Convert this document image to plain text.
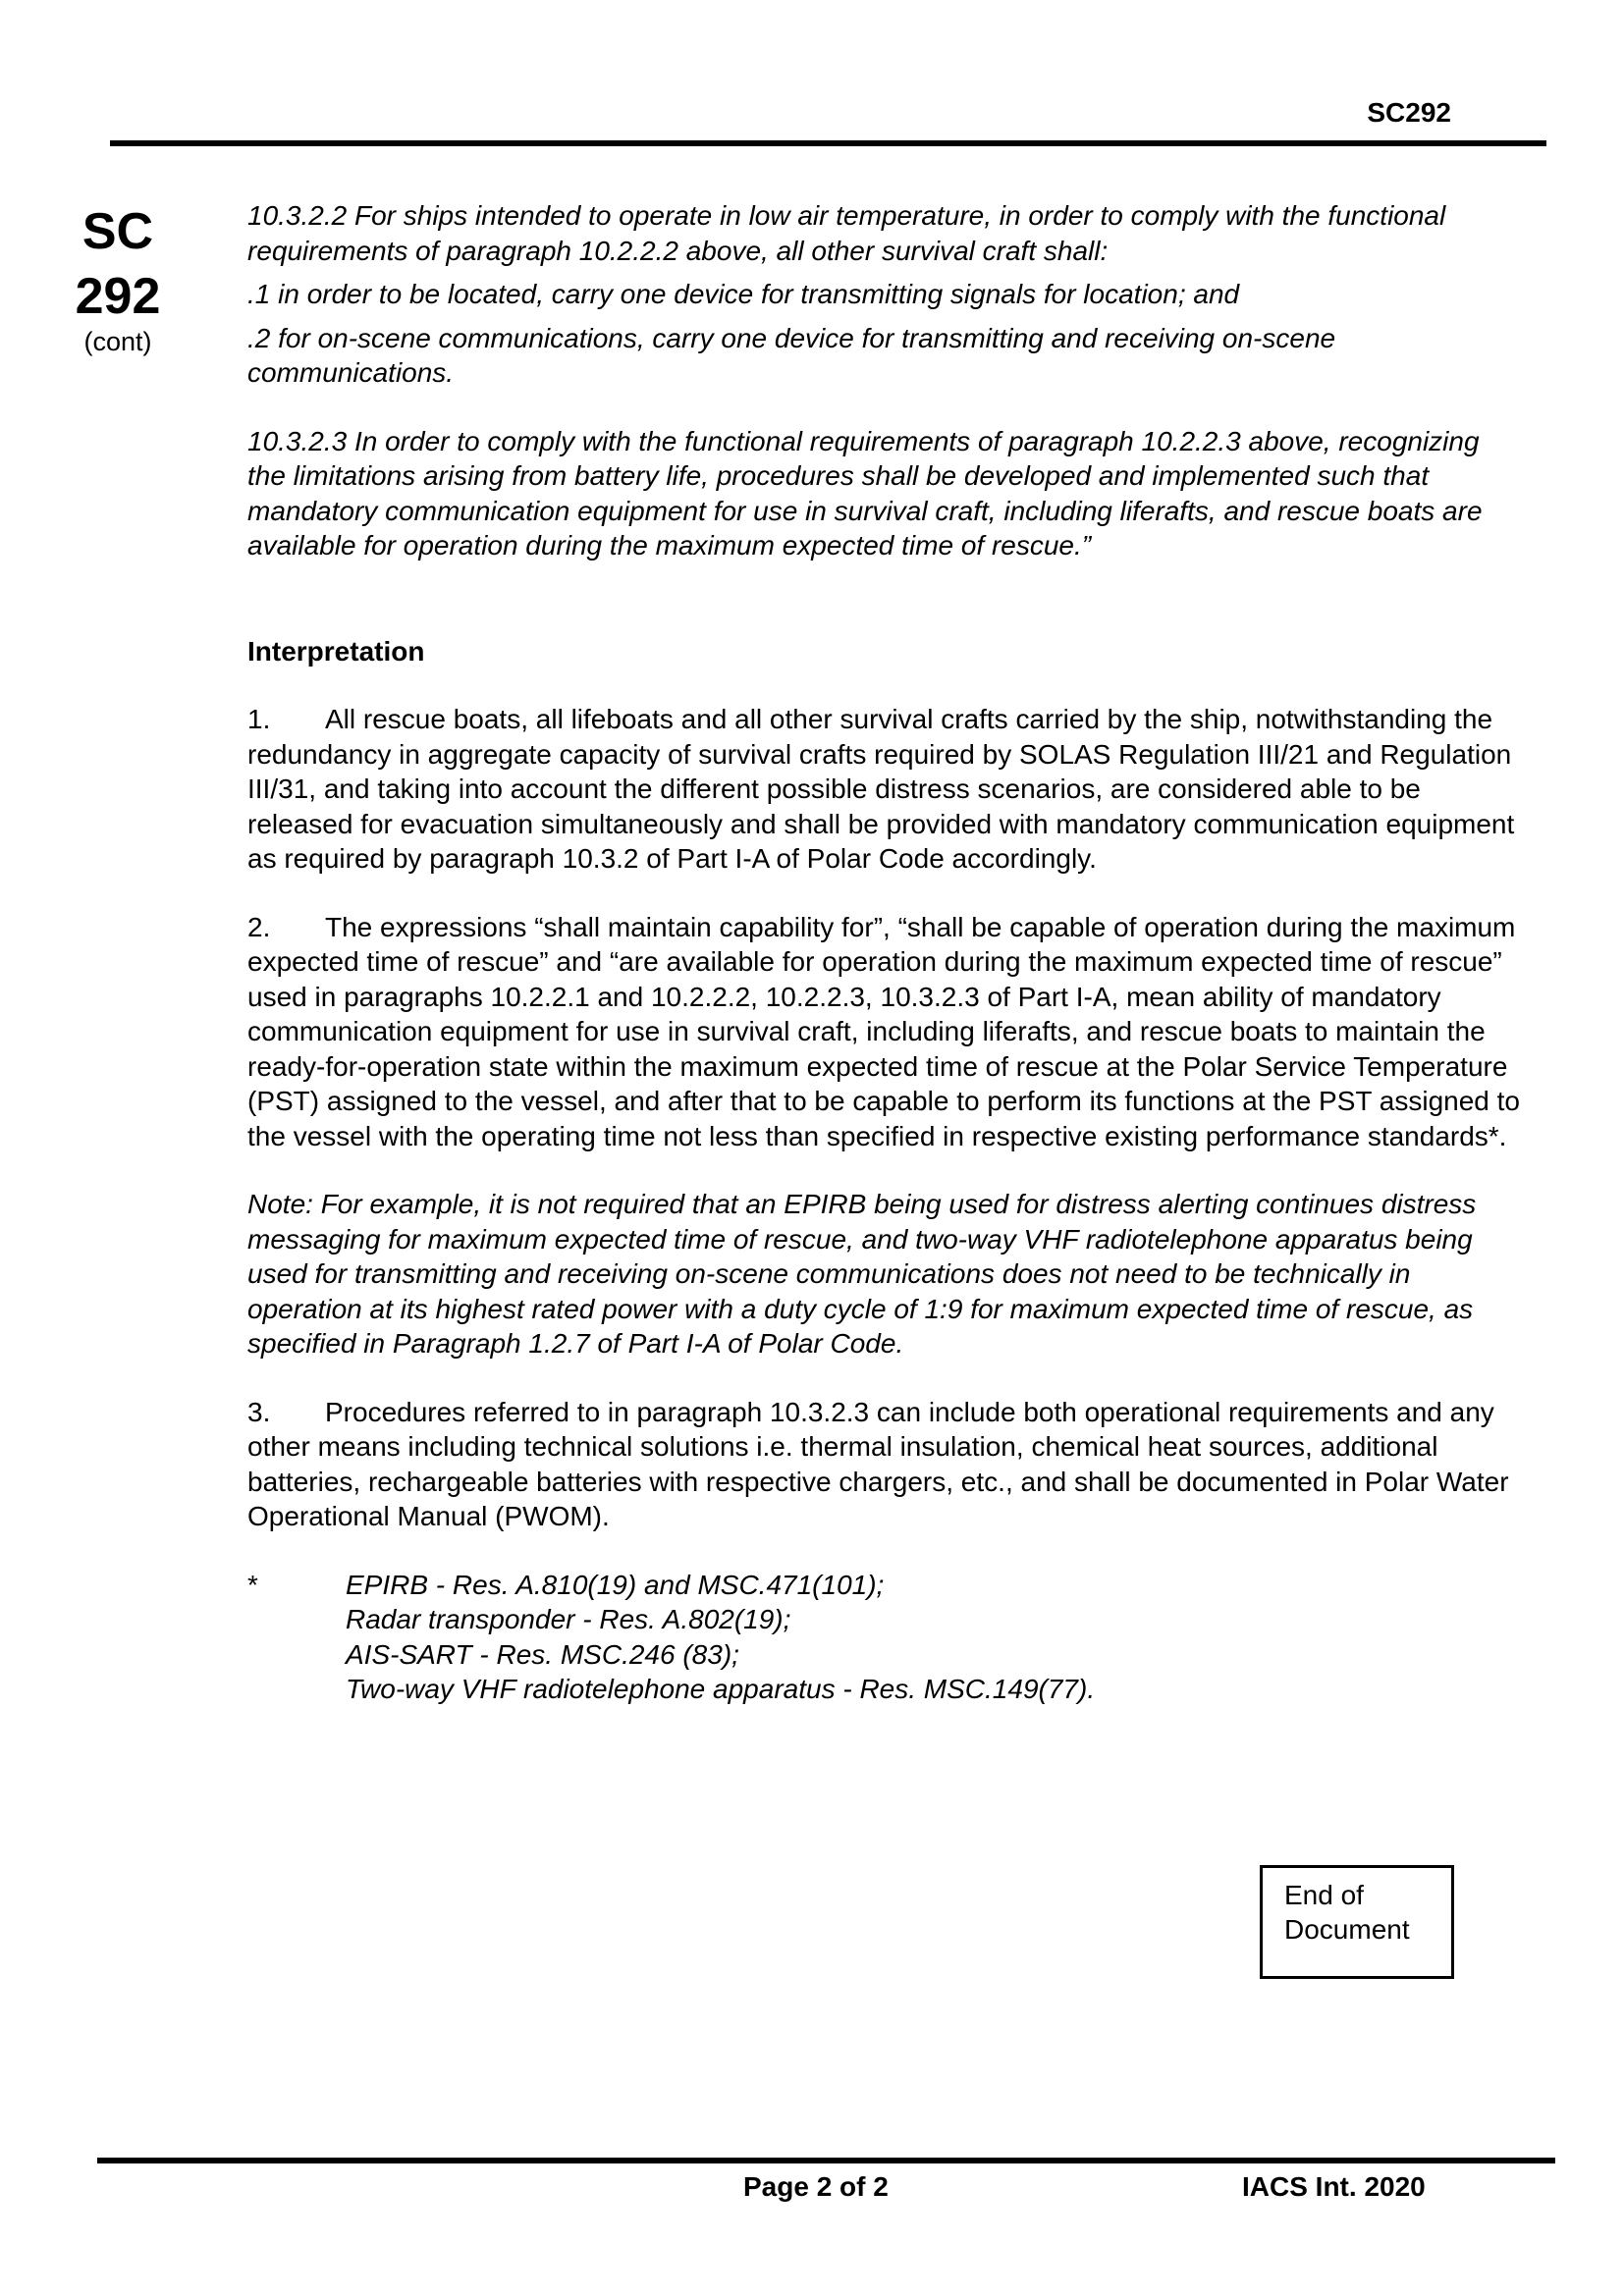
SC292
SC
292
(cont)

10.3.2.2 For ships intended to operate in low air temperature, in order to comply with the functional requirements of paragraph 10.2.2.2 above, all other survival craft shall:

.1 in order to be located, carry one device for transmitting signals for location; and

.2 for on-scene communications, carry one device for transmitting and receiving on-scene communications.

10.3.2.3 In order to comply with the functional requirements of paragraph 10.2.2.3 above, recognizing the limitations arising from battery life, procedures shall be developed and implemented such that mandatory communication equipment for use in survival craft, including liferafts, and rescue boats are available for operation during the maximum expected time of rescue.”

Interpretation

1. All rescue boats, all lifeboats and all other survival crafts carried by the ship, notwithstanding the redundancy in aggregate capacity of survival crafts required by SOLAS Regulation III/21 and Regulation III/31, and taking into account the different possible distress scenarios, are considered able to be released for evacuation simultaneously and shall be provided with mandatory communication equipment as required by paragraph 10.3.2 of Part I-A of Polar Code accordingly.

2. The expressions “shall maintain capability for”, “shall be capable of operation during the maximum expected time of rescue” and “are available for operation during the maximum expected time of rescue” used in paragraphs 10.2.2.1 and 10.2.2.2, 10.2.2.3, 10.3.2.3 of Part I-A, mean ability of mandatory communication equipment for use in survival craft, including liferafts, and rescue boats to maintain the ready-for-operation state within the maximum expected time of rescue at the Polar Service Temperature (PST) assigned to the vessel, and after that to be capable to perform its functions at the PST assigned to the vessel with the operating time not less than specified in respective existing performance standards*.

Note: For example, it is not required that an EPIRB being used for distress alerting continues distress messaging for maximum expected time of rescue, and two-way VHF radiotelephone apparatus being used for transmitting and receiving on-scene communications does not need to be technically in operation at its highest rated power with a duty cycle of 1:9 for maximum expected time of rescue, as specified in Paragraph 1.2.7 of Part I-A of Polar Code.

3. Procedures referred to in paragraph 10.3.2.3 can include both operational requirements and any other means including technical solutions i.e. thermal insulation, chemical heat sources, additional batteries, rechargeable batteries with respective chargers, etc., and shall be documented in Polar Water Operational Manual (PWOM).

*	EPIRB - Res. A.810(19) and MSC.471(101);
Radar transponder - Res. A.802(19);
AIS-SART - Res. MSC.246 (83);
Two-way VHF radiotelephone apparatus - Res. MSC.149(77).
End of
Document
Page 2 of 2	IACS Int. 2020
